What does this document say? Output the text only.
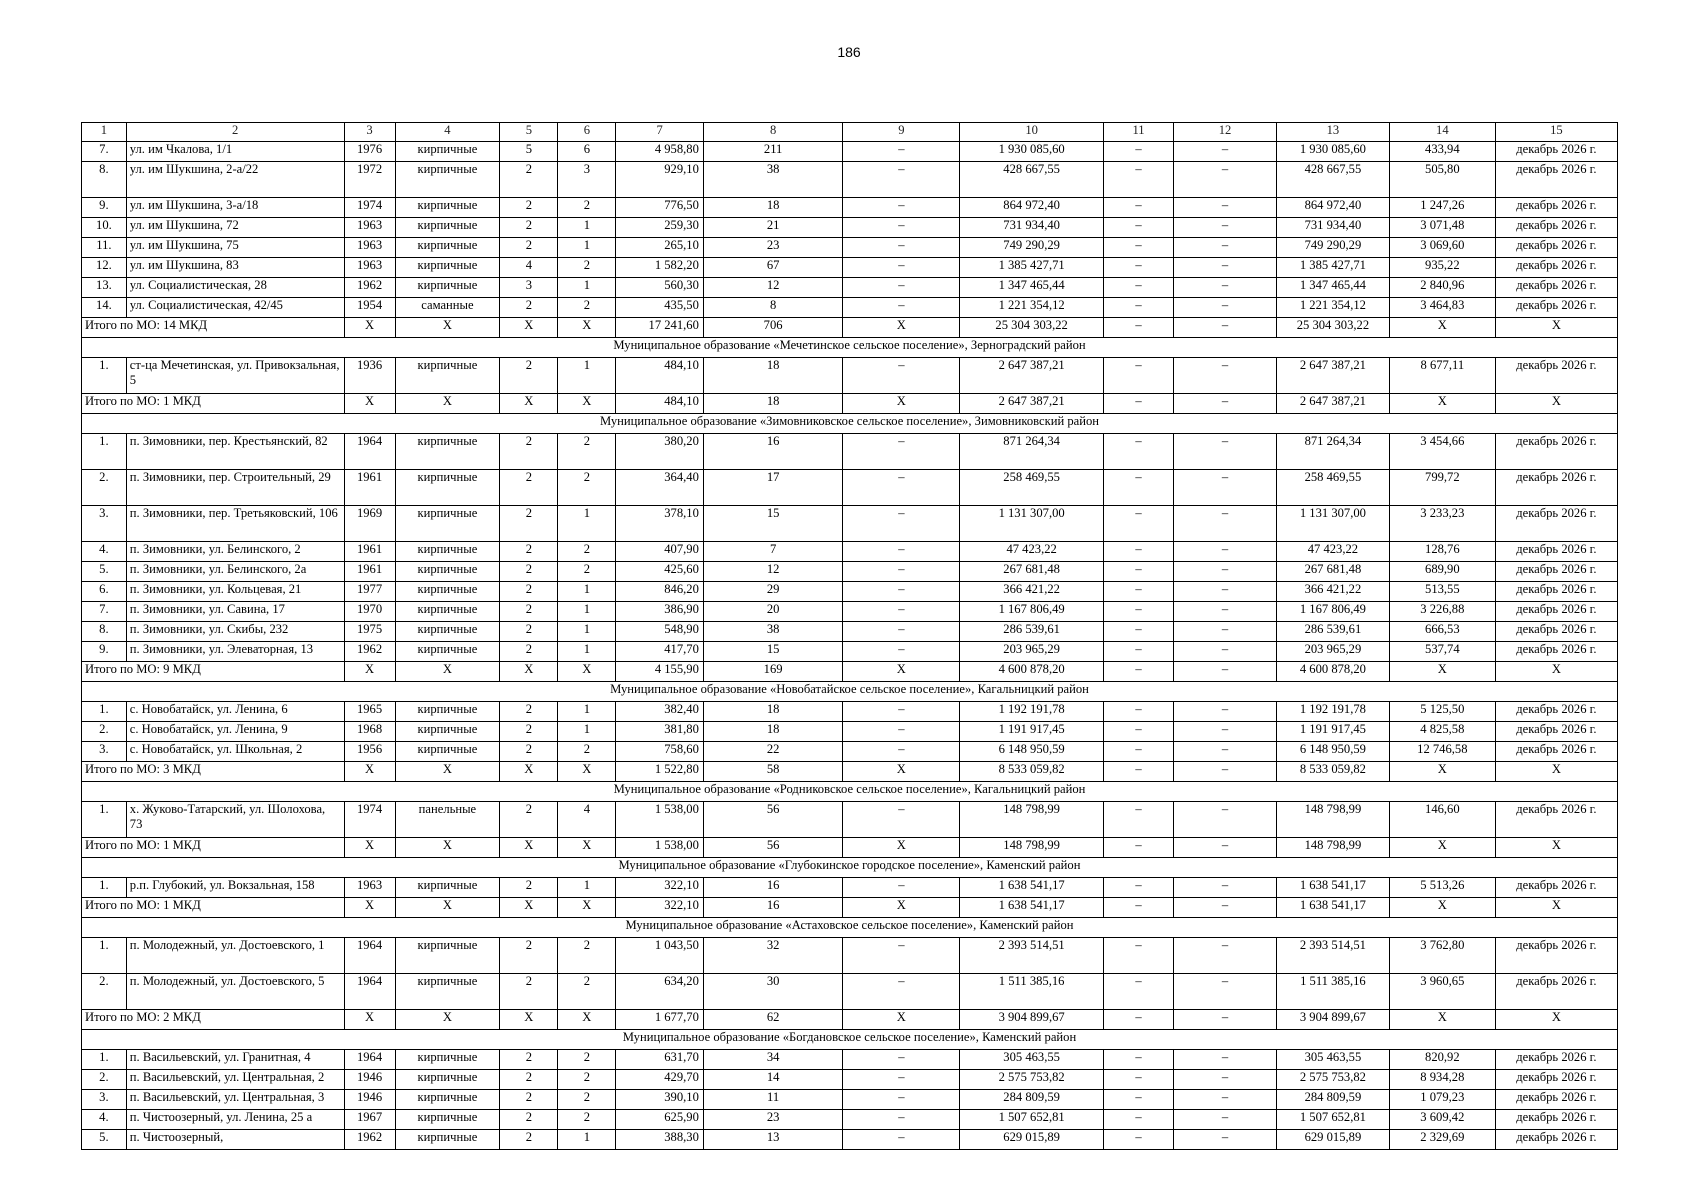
186
1	2	3	4	5	6	7	8	9	10	11	12	13	14	15
7.	ул. им Чкалова, 1/1	1976	кирпичные	5	6	4 958,80	211	–	1 930 085,60	–	–	1 930 085,60	433,94	декабрь 2026 г.
8.	ул. им Шукшина, 2-а/22	1972	кирпичные	2	3	929,10	38	–	428 667,55	–	–	428 667,55	505,80	декабрь 2026 г.
9.	ул. им Шукшина, 3-а/18	1974	кирпичные	2	2	776,50	18	–	864 972,40	–	–	864 972,40	1 247,26	декабрь 2026 г.
10.	ул. им Шукшина, 72	1963	кирпичные	2	1	259,30	21	–	731 934,40	–	–	731 934,40	3 071,48	декабрь 2026 г.
11.	ул. им Шукшина, 75	1963	кирпичные	2	1	265,10	23	–	749 290,29	–	–	749 290,29	3 069,60	декабрь 2026 г.
12.	ул. им Шукшина, 83	1963	кирпичные	4	2	1 582,20	67	–	1 385 427,71	–	–	1 385 427,71	935,22	декабрь 2026 г.
13.	ул. Социалистическая, 28	1962	кирпичные	3	1	560,30	12	–	1 347 465,44	–	–	1 347 465,44	2 840,96	декабрь 2026 г.
14.	ул. Социалистическая, 42/45	1954	саманные	2	2	435,50	8	–	1 221 354,12	–	–	1 221 354,12	3 464,83	декабрь 2026 г.
Итого по МО: 14 МКД		X	X	X	X	17 241,60	706	X	25 304 303,22	–	–	25 304 303,22	X	X
Муниципальное образование «Мечетинское сельское поселение», Зерноградский район														
1.	ст-ца Мечетинская, ул. Привокзальная, 5	1936	кирпичные	2	1	484,10	18	–	2 647 387,21	–	–	2 647 387,21	8 677,11	декабрь 2026 г.
Итого по МО: 1 МКД		X	X	X	X	484,10	18	X	2 647 387,21	–	–	2 647 387,21	X	X
Муниципальное образование «Зимовниковское сельское поселение», Зимовниковский район														
1.	п. Зимовники, пер. Крестьянский, 82	1964	кирпичные	2	2	380,20	16	–	871 264,34	–	–	871 264,34	3 454,66	декабрь 2026 г.
2.	п. Зимовники, пер. Строительный, 29	1961	кирпичные	2	2	364,40	17	–	258 469,55	–	–	258 469,55	799,72	декабрь 2026 г.
3.	п. Зимовники, пер. Третьяковский, 106	1969	кирпичные	2	1	378,10	15	–	1 131 307,00	–	–	1 131 307,00	3 233,23	декабрь 2026 г.
4.	п. Зимовники, ул. Белинского, 2	1961	кирпичные	2	2	407,90	7	–	47 423,22	–	–	47 423,22	128,76	декабрь 2026 г.
5.	п. Зимовники, ул. Белинского, 2а	1961	кирпичные	2	2	425,60	12	–	267 681,48	–	–	267 681,48	689,90	декабрь 2026 г.
6.	п. Зимовники, ул. Кольцевая, 21	1977	кирпичные	2	1	846,20	29	–	366 421,22	–	–	366 421,22	513,55	декабрь 2026 г.
7.	п. Зимовники, ул. Савина, 17	1970	кирпичные	2	1	386,90	20	–	1 167 806,49	–	–	1 167 806,49	3 226,88	декабрь 2026 г.
8.	п. Зимовники, ул. Скибы, 232	1975	кирпичные	2	1	548,90	38	–	286 539,61	–	–	286 539,61	666,53	декабрь 2026 г.
9.	п. Зимовники, ул. Элеваторная, 13	1962	кирпичные	2	1	417,70	15	–	203 965,29	–	–	203 965,29	537,74	декабрь 2026 г.
Итого по МО: 9 МКД		X	X	X	X	4 155,90	169	X	4 600 878,20	–	–	4 600 878,20	X	X
Муниципальное образование «Новобатайское сельское поселение», Кагальницкий район														
1.	с. Новобатайск, ул. Ленина, 6	1965	кирпичные	2	1	382,40	18	–	1 192 191,78	–	–	1 192 191,78	5 125,50	декабрь 2026 г.
2.	с. Новобатайск, ул. Ленина, 9	1968	кирпичные	2	1	381,80	18	–	1 191 917,45	–	–	1 191 917,45	4 825,58	декабрь 2026 г.
3.	с. Новобатайск, ул. Школьная, 2	1956	кирпичные	2	2	758,60	22	–	6 148 950,59	–	–	6 148 950,59	12 746,58	декабрь 2026 г.
Итого по МО: 3 МКД		X	X	X	X	1 522,80	58	X	8 533 059,82	–	–	8 533 059,82	X	X
Муниципальное образование «Родниковское сельское поселение», Кагальницкий район														
1.	х. Жуково-Татарский, ул. Шолохова, 73	1974	панельные	2	4	1 538,00	56	–	148 798,99	–	–	148 798,99	146,60	декабрь 2026 г.
Итого по МО: 1 МКД		X	X	X	X	1 538,00	56	X	148 798,99	–	–	148 798,99	X	X
Муниципальное образование «Глубокинское городское поселение», Каменский район														
1.	р.п. Глубокий, ул. Вокзальная, 158	1963	кирпичные	2	1	322,10	16	–	1 638 541,17	–	–	1 638 541,17	5 513,26	декабрь 2026 г.
Итого по МО: 1 МКД		X	X	X	X	322,10	16	X	1 638 541,17	–	–	1 638 541,17	X	X
Муниципальное образование «Астаховское сельское поселение», Каменский район														
1.	п. Молодежный, ул. Достоевского, 1	1964	кирпичные	2	2	1 043,50	32	–	2 393 514,51	–	–	2 393 514,51	3 762,80	декабрь 2026 г.
2.	п. Молодежный, ул. Достоевского, 5	1964	кирпичные	2	2	634,20	30	–	1 511 385,16	–	–	1 511 385,16	3 960,65	декабрь 2026 г.
Итого по МО: 2 МКД		X	X	X	X	1 677,70	62	X	3 904 899,67	–	–	3 904 899,67	X	X
Муниципальное образование «Богдановское сельское поселение», Каменский район														
1.	п. Васильевский, ул. Гранитная, 4	1964	кирпичные	2	2	631,70	34	–	305 463,55	–	–	305 463,55	820,92	декабрь 2026 г.
2.	п. Васильевский, ул. Центральная, 2	1946	кирпичные	2	2	429,70	14	–	2 575 753,82	–	–	2 575 753,82	8 934,28	декабрь 2026 г.
3.	п. Васильевский, ул. Центральная, 3	1946	кирпичные	2	2	390,10	11	–	284 809,59	–	–	284 809,59	1 079,23	декабрь 2026 г.
4.	п. Чистоозерный, ул. Ленина, 25 а	1967	кирпичные	2	2	625,90	23	–	1 507 652,81	–	–	1 507 652,81	3 609,42	декабрь 2026 г.
5.	п. Чистоозерный,	1962	кирпичные	2	1	388,30	13	–	629 015,89	–	–	629 015,89	2 329,69	декабрь 2026 г.
